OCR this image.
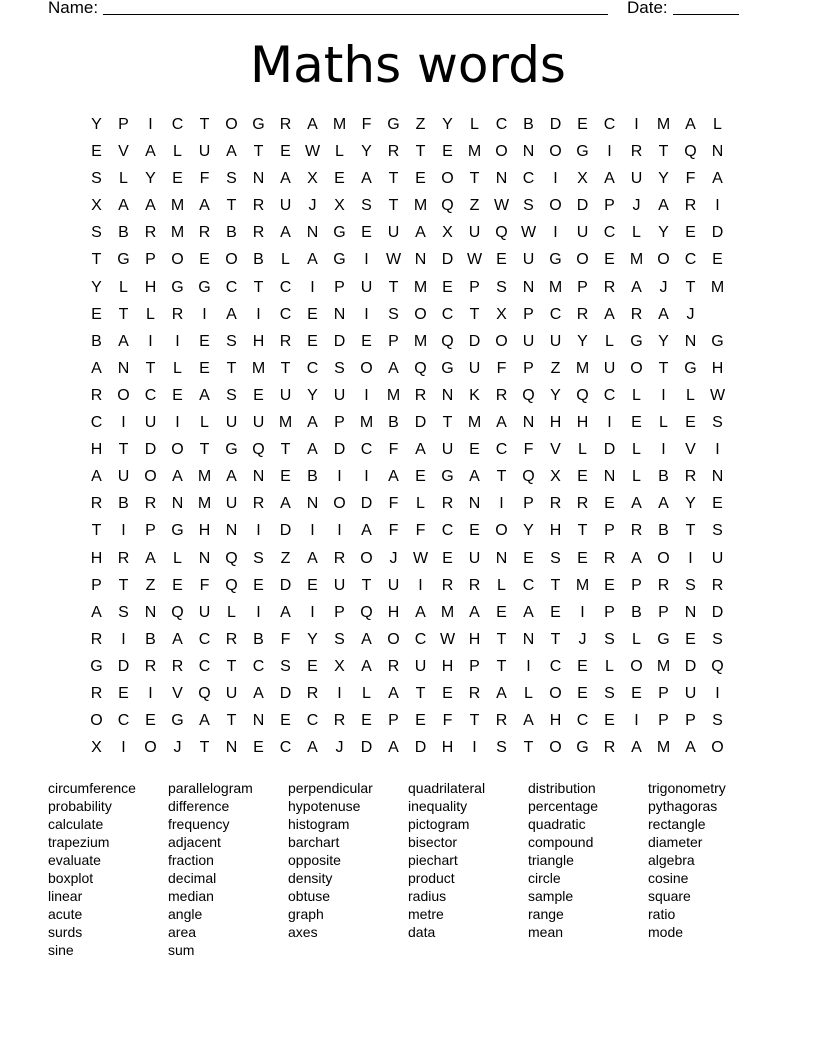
Name:	Date:
Maths words
Y	P	I	C	T O G R A M F G Z	Y	L	C B D E C	I	M A	L
E	V	A	L	U A	T	E W L	Y R	T	E M O N O G	I	R	T Q N
S	L	Y	E	F	S N A	X	E	A	T	E O T	N C	I	X	A U Y	F	A
X	A	A M A	T	R U	J	X	S	T M Q Z W S O D P	J	A R	I
S	B R M R B R A N G E U A	X U Q W	I	U C	L	Y	E D
T G P O E O B	L	A G	I	W N D W E U G O E M O C E
Y	L	H G G C	T	C	I	P U	T M E	P	S N M P R A	J	T M
E	T	L	R	I	A	I	C E N	I	S O C	T	X	P C R A R A	J
B	A	I	I	E	S H R E D E	P M Q D O U U Y	L	G Y N G
A N	T	L	E	T M T	C S O A Q G U	F	P	Z M U O T G H
R O C E	A	S	E U Y U	I	M R N K R Q Y Q C	L	I	L W
C	I	U	I	L	U U M A	P M B D	T M A N H H	I	E	L	E	S
H	T	D O T G Q T	A D C	F	A U E C	F	V	L	D	L	I	V	I
A U O A M A N E	B	I	I	A	E G A	T Q X	E N	L	B R N
R B R N M U R A N O D	F	L	R N	I	P R R E	A	A	Y	E
T	I	P G H N	I	D	I	I	A	F	F	C E O Y H	T	P R B	T	S
H R A	L	N Q S	Z	A R O	J W E U N E	S	E R A O	I	U
P	T	Z	E	F Q E D E U	T	U	I	R R	L	C	T M E	P R S R
A	S N Q U	L	I	A	I	P Q H A M A	E	A	E	I	P	B	P N D
R	I	B	A C R B	F	Y	S	A O C W H	T	N	T	J	S	L	G E	S
G D R R C	T	C S	E	X	A R U H P	T	I	C E	L	O M D Q
R E	I	V Q U A D R	I	L	A	T	E R A	L	O E	S	E	P U	I
O C E G A	T	N E C R E	P	E	F	T	R A H C E	I	P	P	S
X	I	O	J	T	N E C A	J	D A D H	I	S	T O G R A M A O
circumference
probability
calculate
trapezium
evaluate
boxplot
linear
acute
surds
sine
parallelogram
difference
frequency
adjacent
fraction
decimal
median
angle
area
sum
perpendicular
hypotenuse
histogram
barchart
opposite
density
obtuse
graph
axes
quadrilateral
inequality
pictogram
bisector
piechart
product
radius
metre
data
distribution
percentage
quadratic
compound
triangle
circle
sample
range
mean
trigonometry
pythagoras
rectangle
diameter
algebra
cosine
square
ratio
mode
